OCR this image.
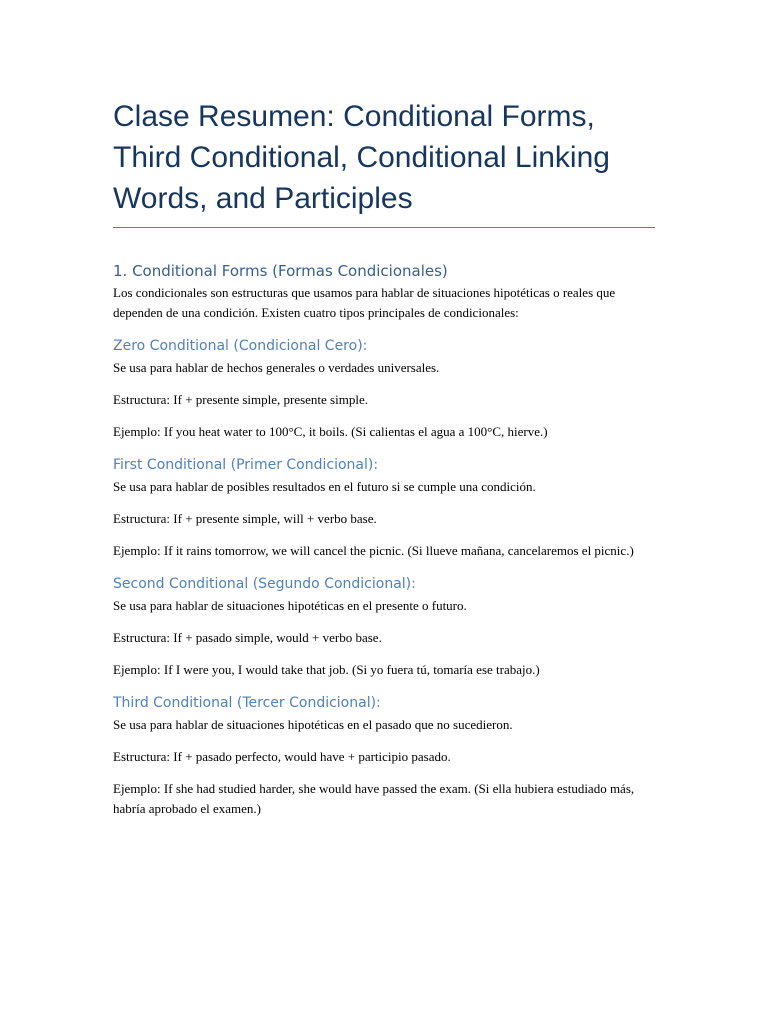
Clase Resumen: Conditional Forms,
Third Conditional, Conditional Linking
Words, and Participles
1. Conditional Forms (Formas Condicionales)

Los condicionales son estructuras que usamos para hablar de situaciones hipotéticas o reales que dependen de una condición. Existen cuatro tipos principales de condicionales:

Zero Conditional (Condicional Cero):

Se usa para hablar de hechos generales o verdades universales.

Estructura: If + presente simple, presente simple.

Ejemplo: If you heat water to 100°C, it boils. (Si calientas el agua a 100°C, hierve.)

First Conditional (Primer Condicional):

Se usa para hablar de posibles resultados en el futuro si se cumple una condición.

Estructura: If + presente simple, will + verbo base.

Ejemplo: If it rains tomorrow, we will cancel the picnic. (Si llueve mañana, cancelaremos el picnic.)

Second Conditional (Segundo Condicional):

Se usa para hablar de situaciones hipotéticas en el presente o futuro.

Estructura: If + pasado simple, would + verbo base.

Ejemplo: If I were you, I would take that job. (Si yo fuera tú, tomaría ese trabajo.)

Third Conditional (Tercer Condicional):

Se usa para hablar de situaciones hipotéticas en el pasado que no sucedieron.

Estructura: If + pasado perfecto, would have + participio pasado.

Ejemplo: If she had studied harder, she would have passed the exam. (Si ella hubiera estudiado más, habría aprobado el examen.)
